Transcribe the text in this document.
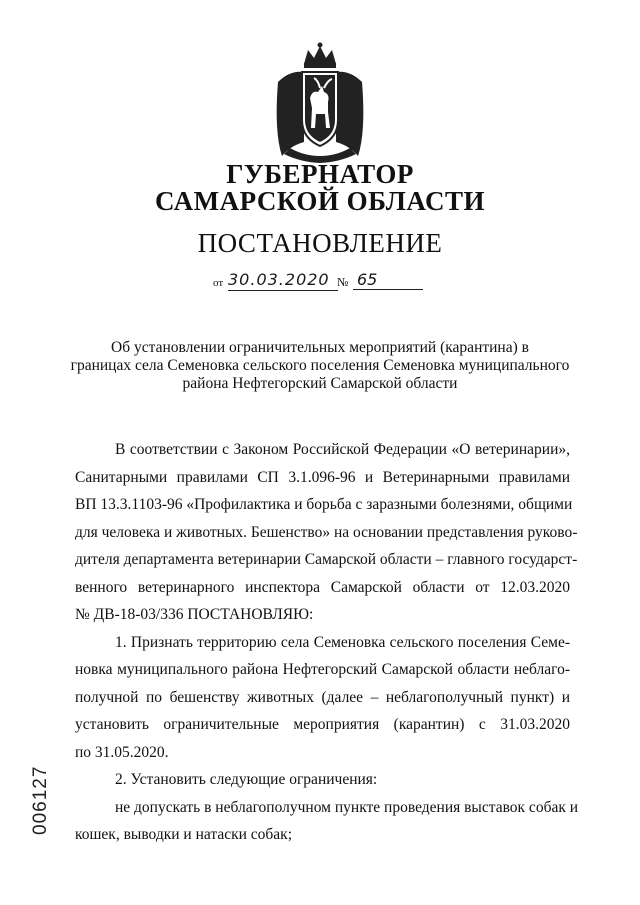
ГУБЕРНАТОР
САМАРСКОЙ ОБЛАСТИ
ПОСТАНОВЛЕНИЕ
от 30.03.2020 № 65
Об установлении ограничительных мероприятий (карантина) в
границах села Семеновка сельского поселения Семеновка муниципального
района Нефтегорский Самарской области
В соответствии с Законом Российской Федерации «О ветеринарии»,
Санитарными правилами СП 3.1.096-96 и Ветеринарными правилами
ВП 13.3.1103-96 «Профилактика и борьба с заразными болезнями, общими
для человека и животных. Бешенство» на основании представления руково-
дителя департамента ветеринарии Самарской области – главного государст-
венного ветеринарного инспектора Самарской области от 12.03.2020
№ ДВ-18-03/336 ПОСТАНОВЛЯЮ:
1. Признать территорию села Семеновка сельского поселения Семе-
новка муниципального района Нефтегорский Самарской области неблаго-
получной по бешенству животных (далее – неблагополучный пункт) и
установить ограничительные мероприятия (карантин) с 31.03.2020
по 31.05.2020.
2. Установить следующие ограничения:
не допускать в неблагополучном пункте проведения выставок собак и
кошек, выводки и натаски собак;
006127
